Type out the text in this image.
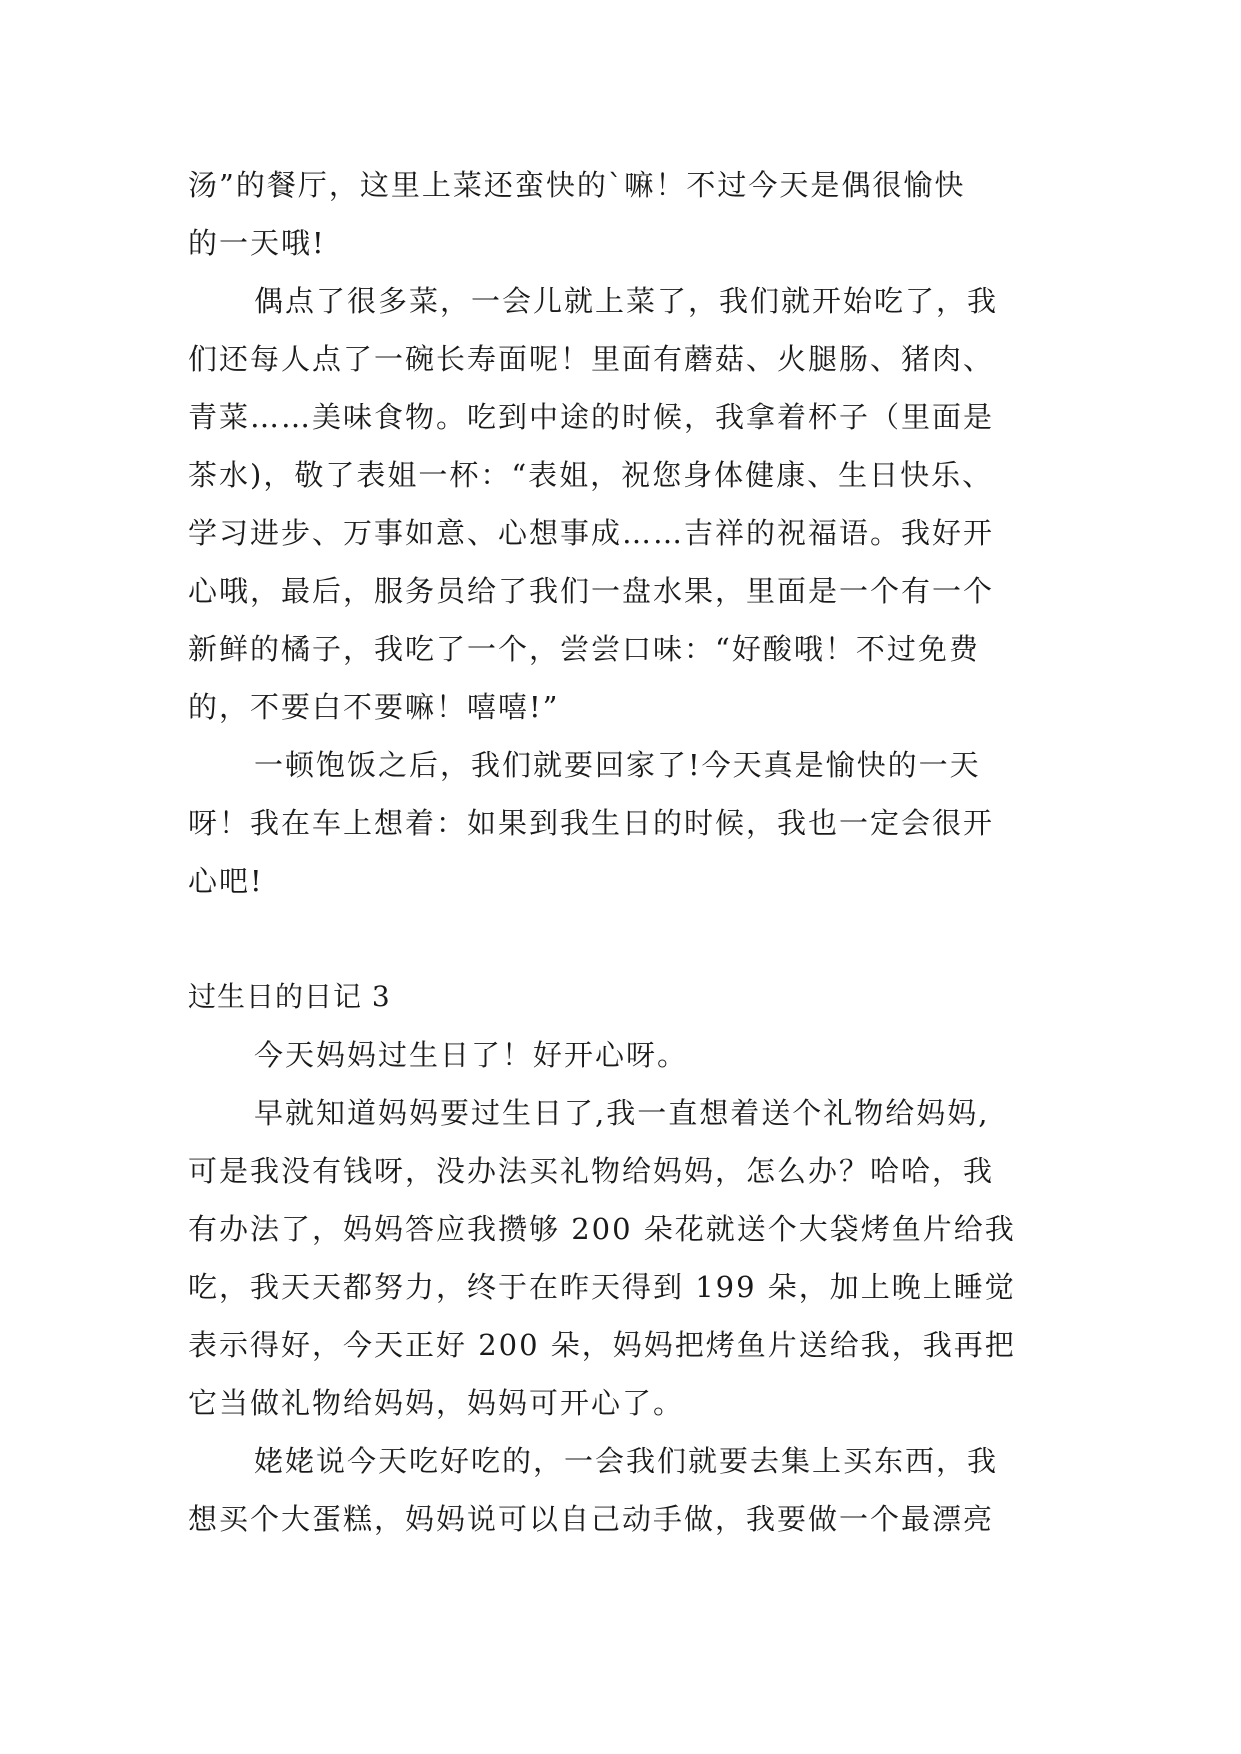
汤”的餐厅，这里上菜还蛮快的`嘛！不过今天是偶很愉快
的一天哦!
偶点了很多菜，一会儿就上菜了，我们就开始吃了，我
们还每人点了一碗长寿面呢！里面有蘑菇、火腿肠、猪肉、
青菜……美味食物。吃到中途的时候，我拿着杯子（里面是
茶水)，敬了表姐一杯：“表姐，祝您身体健康、生日快乐、
学习进步、万事如意、心想事成……吉祥的祝福语。我好开
心哦，最后，服务员给了我们一盘水果，里面是一个有一个
新鲜的橘子，我吃了一个，尝尝口味：“好酸哦！不过免费
的，不要白不要嘛！嘻嘻!”
一顿饱饭之后，我们就要回家了!今天真是愉快的一天
呀！我在车上想着：如果到我生日的时候，我也一定会很开
心吧!
过生日的日记 3
今天妈妈过生日了！好开心呀。
早就知道妈妈要过生日了,我一直想着送个礼物给妈妈,
可是我没有钱呀，没办法买礼物给妈妈，怎么办？哈哈，我
有办法了，妈妈答应我攒够 200 朵花就送个大袋烤鱼片给我
吃，我天天都努力，终于在昨天得到 199 朵，加上晚上睡觉
表示得好，今天正好 200 朵，妈妈把烤鱼片送给我，我再把
它当做礼物给妈妈，妈妈可开心了。
姥姥说今天吃好吃的，一会我们就要去集上买东西，我
想买个大蛋糕，妈妈说可以自己动手做，我要做一个最漂亮
